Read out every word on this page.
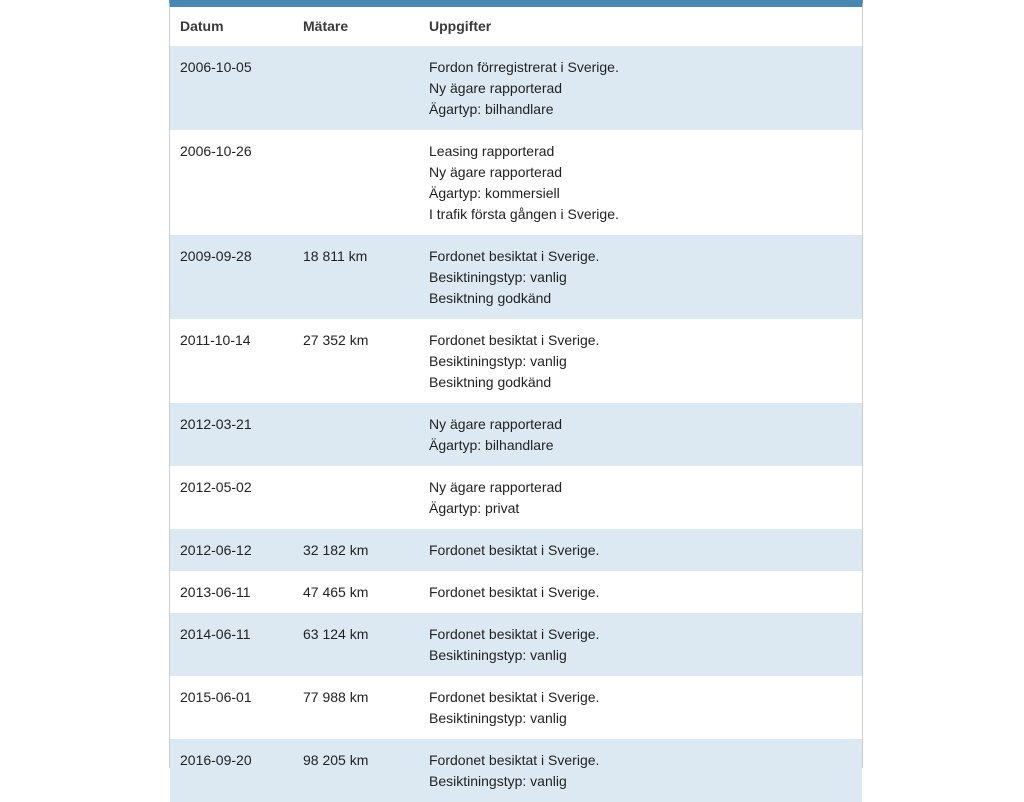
Datum	Mätare	Uppgifter
2006-10-05		Fordon förregistrerat i Sverige.
Ny ägare rapporterad
Ägartyp: bilhandlare

2006-10-26		Leasing rapporterad
Ny ägare rapporterad
Ägartyp: kommersiell
I trafik första gången i Sverige.

2009-09-28	18 811 km	Fordonet besiktat i Sverige.
Besiktiningstyp: vanlig
Besiktning godkänd

2011-10-14	27 352 km	Fordonet besiktat i Sverige.
Besiktiningstyp: vanlig
Besiktning godkänd

2012-03-21		Ny ägare rapporterad
Ägartyp: bilhandlare

2012-05-02		Ny ägare rapporterad
Ägartyp: privat

2012-06-12	32 182 km	Fordonet besiktat i Sverige.

2013-06-11	47 465 km	Fordonet besiktat i Sverige.

2014-06-11	63 124 km	Fordonet besiktat i Sverige.
Besiktiningstyp: vanlig

2015-06-01	77 988 km	Fordonet besiktat i Sverige.
Besiktiningstyp: vanlig

2016-09-20	98 205 km	Fordonet besiktat i Sverige.
Besiktiningstyp: vanlig
